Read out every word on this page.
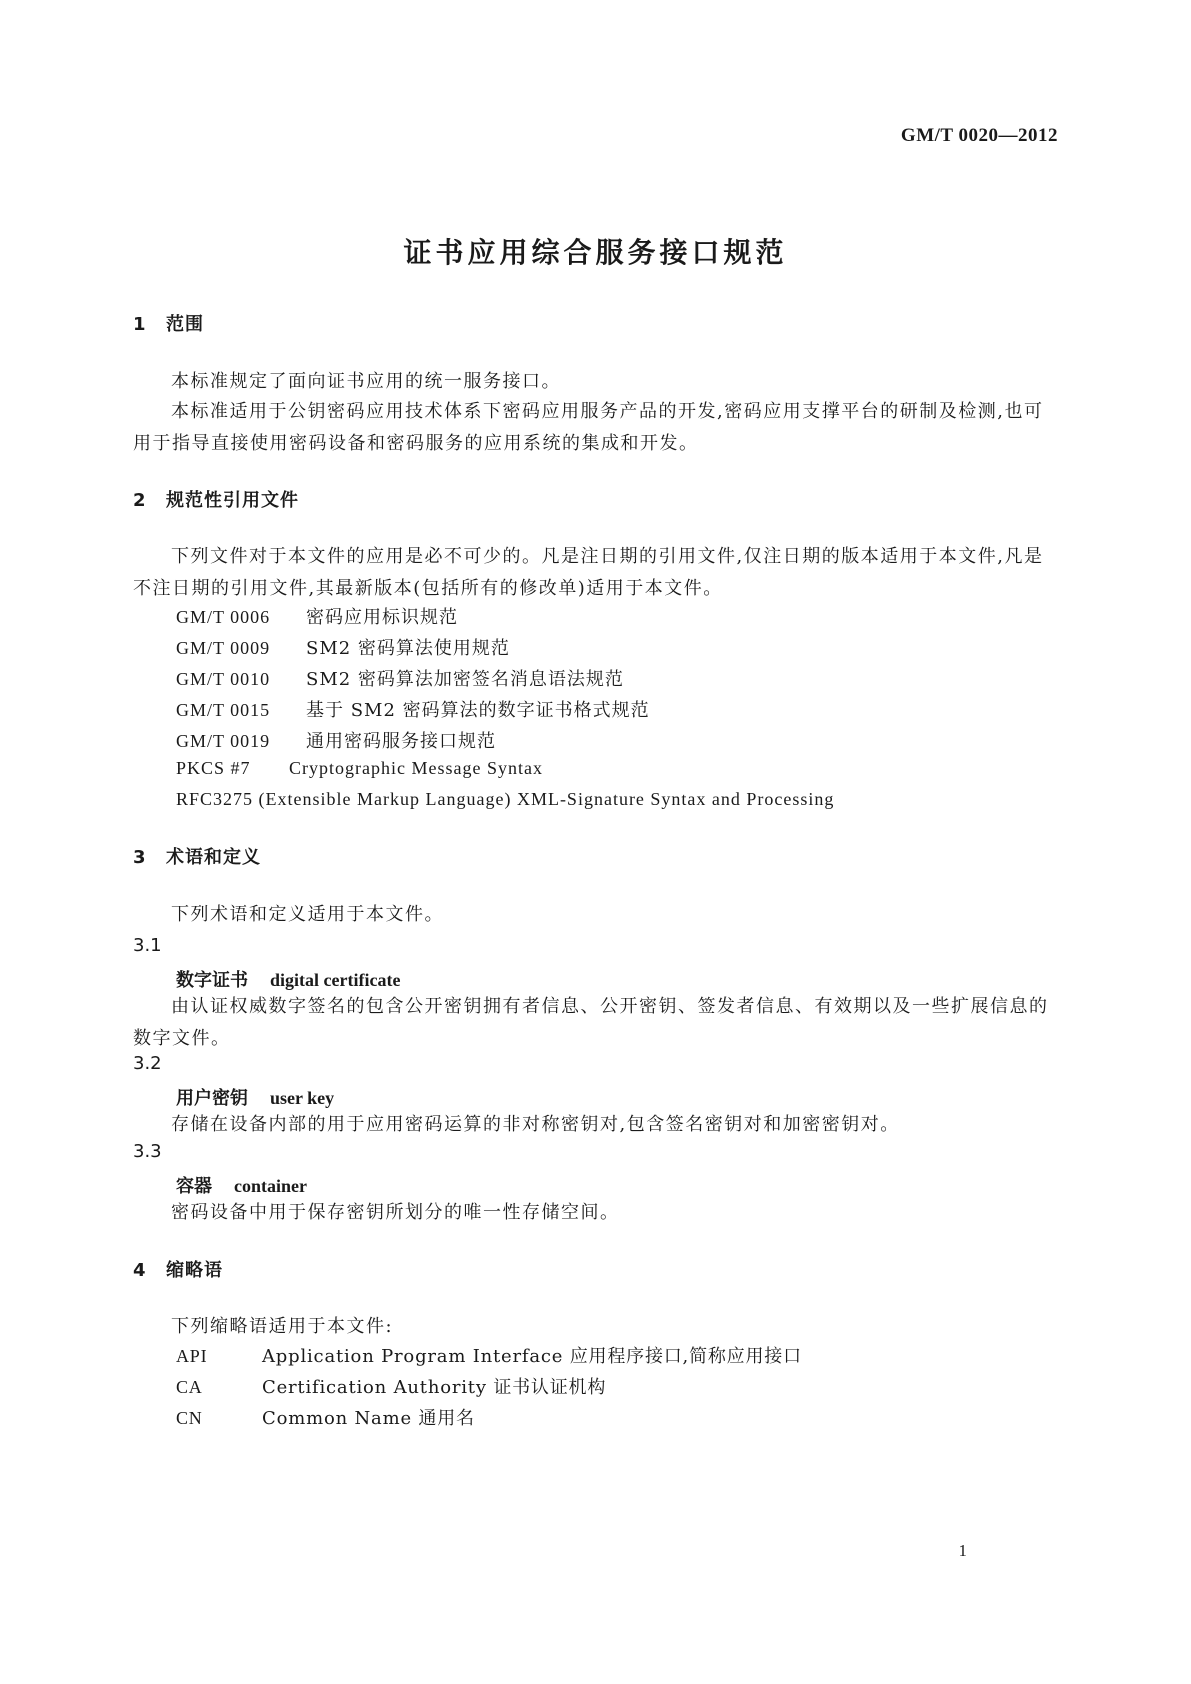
GM/T 0020—2012
证书应用综合服务接口规范
1 范围
本标准规定了面向证书应用的统一服务接口。
本标准适用于公钥密码应用技术体系下密码应用服务产品的开发,密码应用支撑平台的研制及检测,也可用于指导直接使用密码设备和密码服务的应用系统的集成和开发。
2 规范性引用文件
下列文件对于本文件的应用是必不可少的。凡是注日期的引用文件,仅注日期的版本适用于本文件,凡是不注日期的引用文件,其最新版本(包括所有的修改单)适用于本文件。
GM/T 0006 密码应用标识规范
GM/T 0009 SM2 密码算法使用规范
GM/T 0010 SM2 密码算法加密签名消息语法规范
GM/T 0015 基于 SM2 密码算法的数字证书格式规范
GM/T 0019 通用密码服务接口规范
PKCS #7 Cryptographic Message Syntax
RFC3275 (Extensible Markup Language) XML-Signature Syntax and Processing
3 术语和定义
下列术语和定义适用于本文件。
3.1
数字证书 digital certificate
由认证权威数字签名的包含公开密钥拥有者信息、公开密钥、签发者信息、有效期以及一些扩展信息的数字文件。
3.2
用户密钥 user key
存储在设备内部的用于应用密码运算的非对称密钥对,包含签名密钥对和加密密钥对。
3.3
容器 container
密码设备中用于保存密钥所划分的唯一性存储空间。
4 缩略语
下列缩略语适用于本文件:
API	Application Program Interface 应用程序接口,简称应用接口
CA	Certification Authority 证书认证机构
CN	Common Name 通用名
1
